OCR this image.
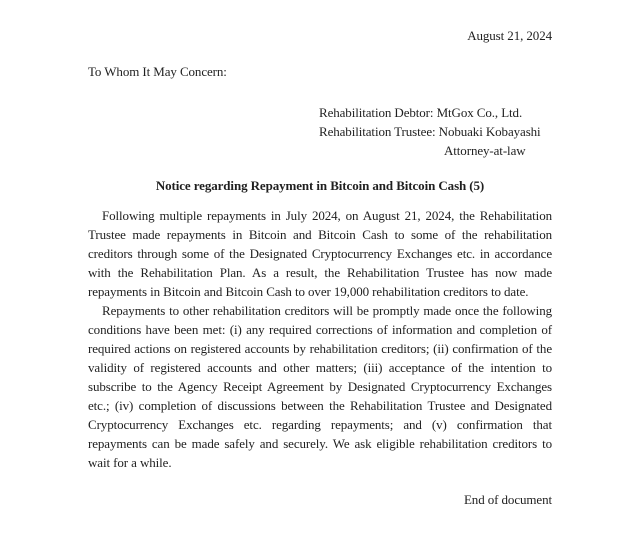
August 21, 2024
To Whom It May Concern:
Rehabilitation Debtor: MtGox Co., Ltd.
Rehabilitation Trustee: Nobuaki Kobayashi
Attorney-at-law
Notice regarding Repayment in Bitcoin and Bitcoin Cash (5)

Following multiple repayments in July 2024, on August 21, 2024, the Rehabilitation Trustee made repayments in Bitcoin and Bitcoin Cash to some of the rehabilitation creditors through some of the Designated Cryptocurrency Exchanges etc. in accordance with the Rehabilitation Plan. As a result, the Rehabilitation Trustee has now made repayments in Bitcoin and Bitcoin Cash to over 19,000 rehabilitation creditors to date.

Repayments to other rehabilitation creditors will be promptly made once the following conditions have been met: (i) any required corrections of information and completion of required actions on registered accounts by rehabilitation creditors; (ii) confirmation of the validity of registered accounts and other matters; (iii) acceptance of the intention to subscribe to the Agency Receipt Agreement by Designated Cryptocurrency Exchanges etc.; (iv) completion of discussions between the Rehabilitation Trustee and Designated Cryptocurrency Exchanges etc. regarding repayments; and (v) confirmation that repayments can be made safely and securely. We ask eligible rehabilitation creditors to wait for a while.

End of document
